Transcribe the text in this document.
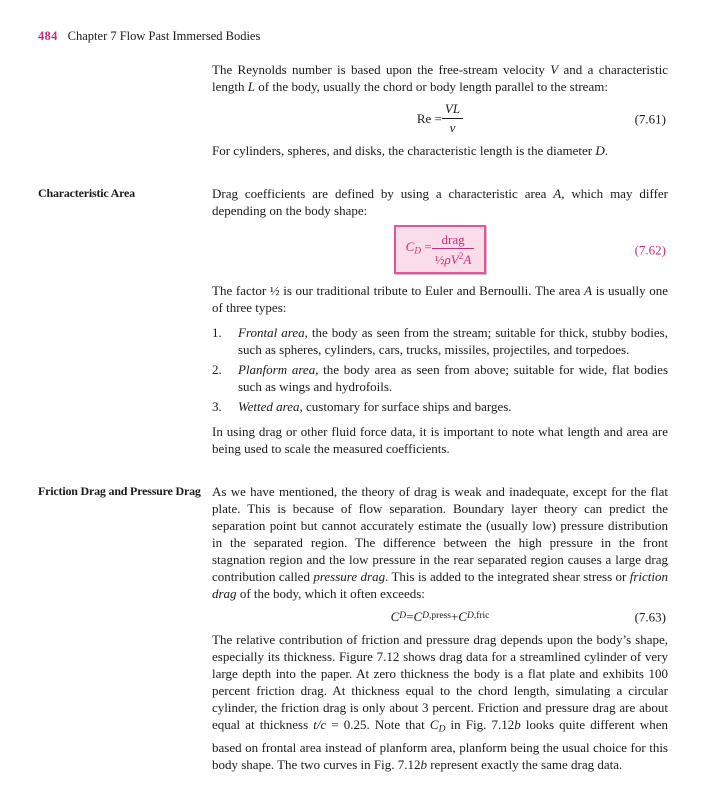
484 Chapter 7 Flow Past Immersed Bodies

The Reynolds number is based upon the free-stream velocity V and a characteristic length L of the body, usually the chord or body length parallel to the stream:

$Re = \frac{VL}{\nu}$	(7.61)

For cylinders, spheres, and disks, the characteristic length is the diameter D.

Characteristic Area	Drag coefficients are defined by using a characteristic area A, which may differ depending on the body shape:

CD = $\frac{\text{drag}}{\frac{1}{2}\rho V^2A}$	(7.62)

The factor ½ is our traditional tribute to Euler and Bernoulli. The area A is usually one of three types:

1.	Frontal area, the body as seen from the stream; suitable for thick, stubby bodies, such as spheres, cylinders, cars, trucks, missiles, projectiles, and torpedoes.
2.	Planform area, the body area as seen from above; suitable for wide, flat bodies such as wings and hydrofoils.
3.	Wetted area, customary for surface ships and barges.

In using drag or other fluid force data, it is important to note what length and area are being used to scale the measured coefficients.

Friction Drag and Pressure Drag As we have mentioned, the theory of drag is weak and inadequate, except for the flat plate. This is because of flow separation. Boundary layer theory can predict the separation point but cannot accurately estimate the (usually low) pressure distribution in the separated region. The difference between the high pressure in the front stagnation region and the low pressure in the rear separated region causes a large drag contribution called pressure drag. This is added to the integrated shear stress or friction drag of the body, which it often exceeds:

C D = C D ,press + C D ,fric	(7.63)

The relative contribution of friction and pressure drag depends upon the body’s shape, especially its thickness. Figure 7.12 shows drag data for a streamlined cylinder of very large depth into the paper. At zero thickness the body is a flat plate and exhibits 100 percent friction drag. At thickness equal to the chord length, simulating a circular cylinder, the friction drag is only about 3 percent. Friction and pressure drag are about equal at thickness t/c = 0.25. Note that CD in Fig. 7.12b looks quite different when based on frontal area instead of planform area, planform being the usual choice for this body shape. The two curves in Fig. 7.12b represent exactly the same drag data.
